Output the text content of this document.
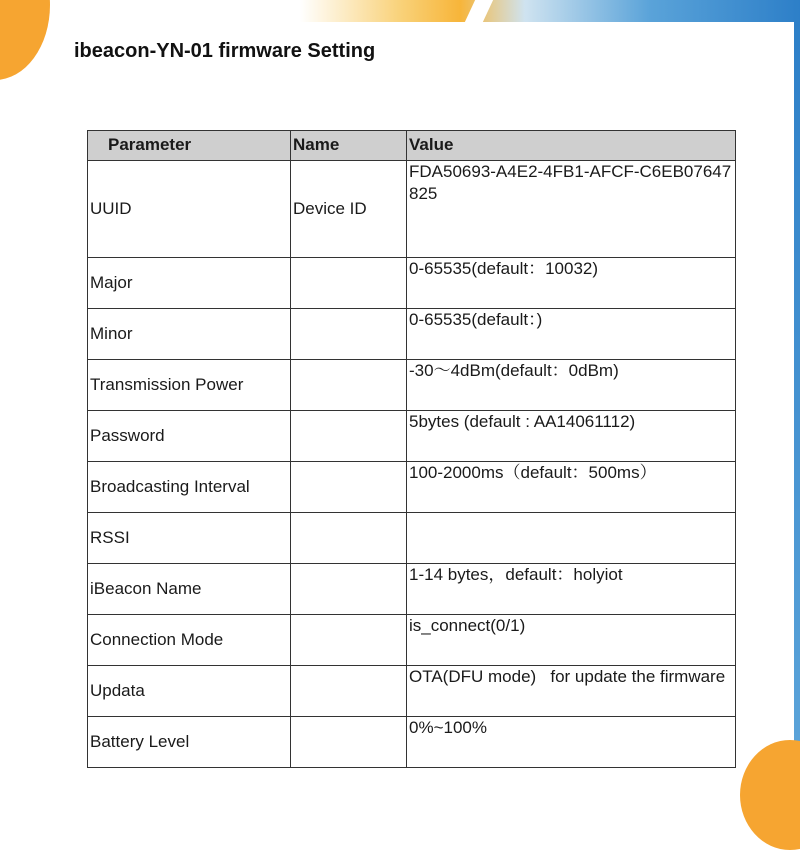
ibeacon-YN-01 firmware Setting
Parameter	Name	Value
UUID	Device ID	FDA50693-A4E2-4FB1-AFCF-C6EB07647825
Major		0-65535(default：10032)
Minor		0-65535(default：)
Transmission Power		-30～4dBm(default：0dBm)
Password		5bytes (default : AA14061112)
Broadcasting Interval		100-2000ms（default：500ms）
RSSI		
iBeacon Name		1-14 bytes，default：holyiot
Connection Mode		is_connect(0/1)
Updata		OTA(DFU mode)   for update the firmware
Battery Level		0%~100%
